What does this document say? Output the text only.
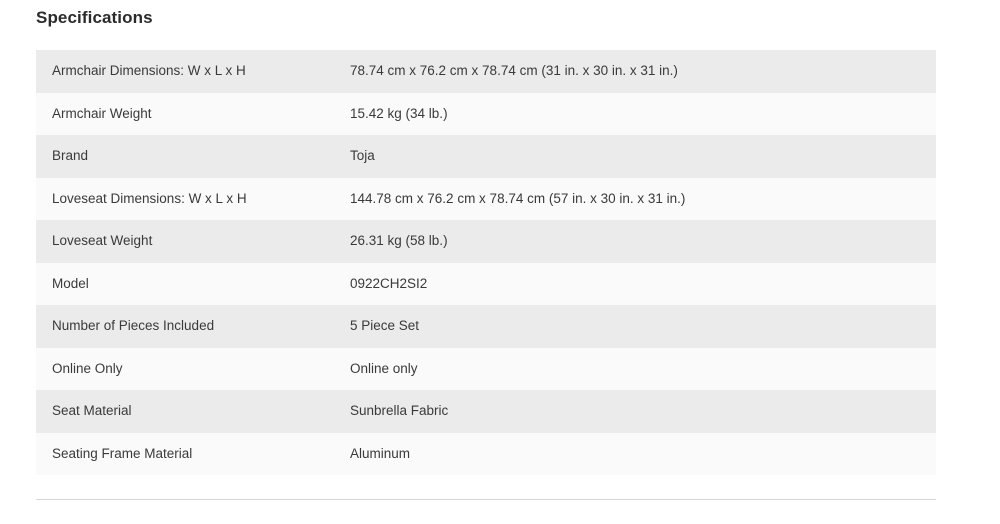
Specifications
Armchair Dimensions: W x L x H	78.74 cm x 76.2 cm x 78.74 cm (31 in. x 30 in. x 31 in.)
Armchair Weight	15.42 kg (34 lb.)
Brand	Toja
Loveseat Dimensions: W x L x H	144.78 cm x 76.2 cm x 78.74 cm (57 in. x 30 in. x 31 in.)
Loveseat Weight	26.31 kg (58 lb.)
Model	0922CH2SI2
Number of Pieces Included	5 Piece Set
Online Only	Online only
Seat Material	Sunbrella Fabric
Seating Frame Material	Aluminum
